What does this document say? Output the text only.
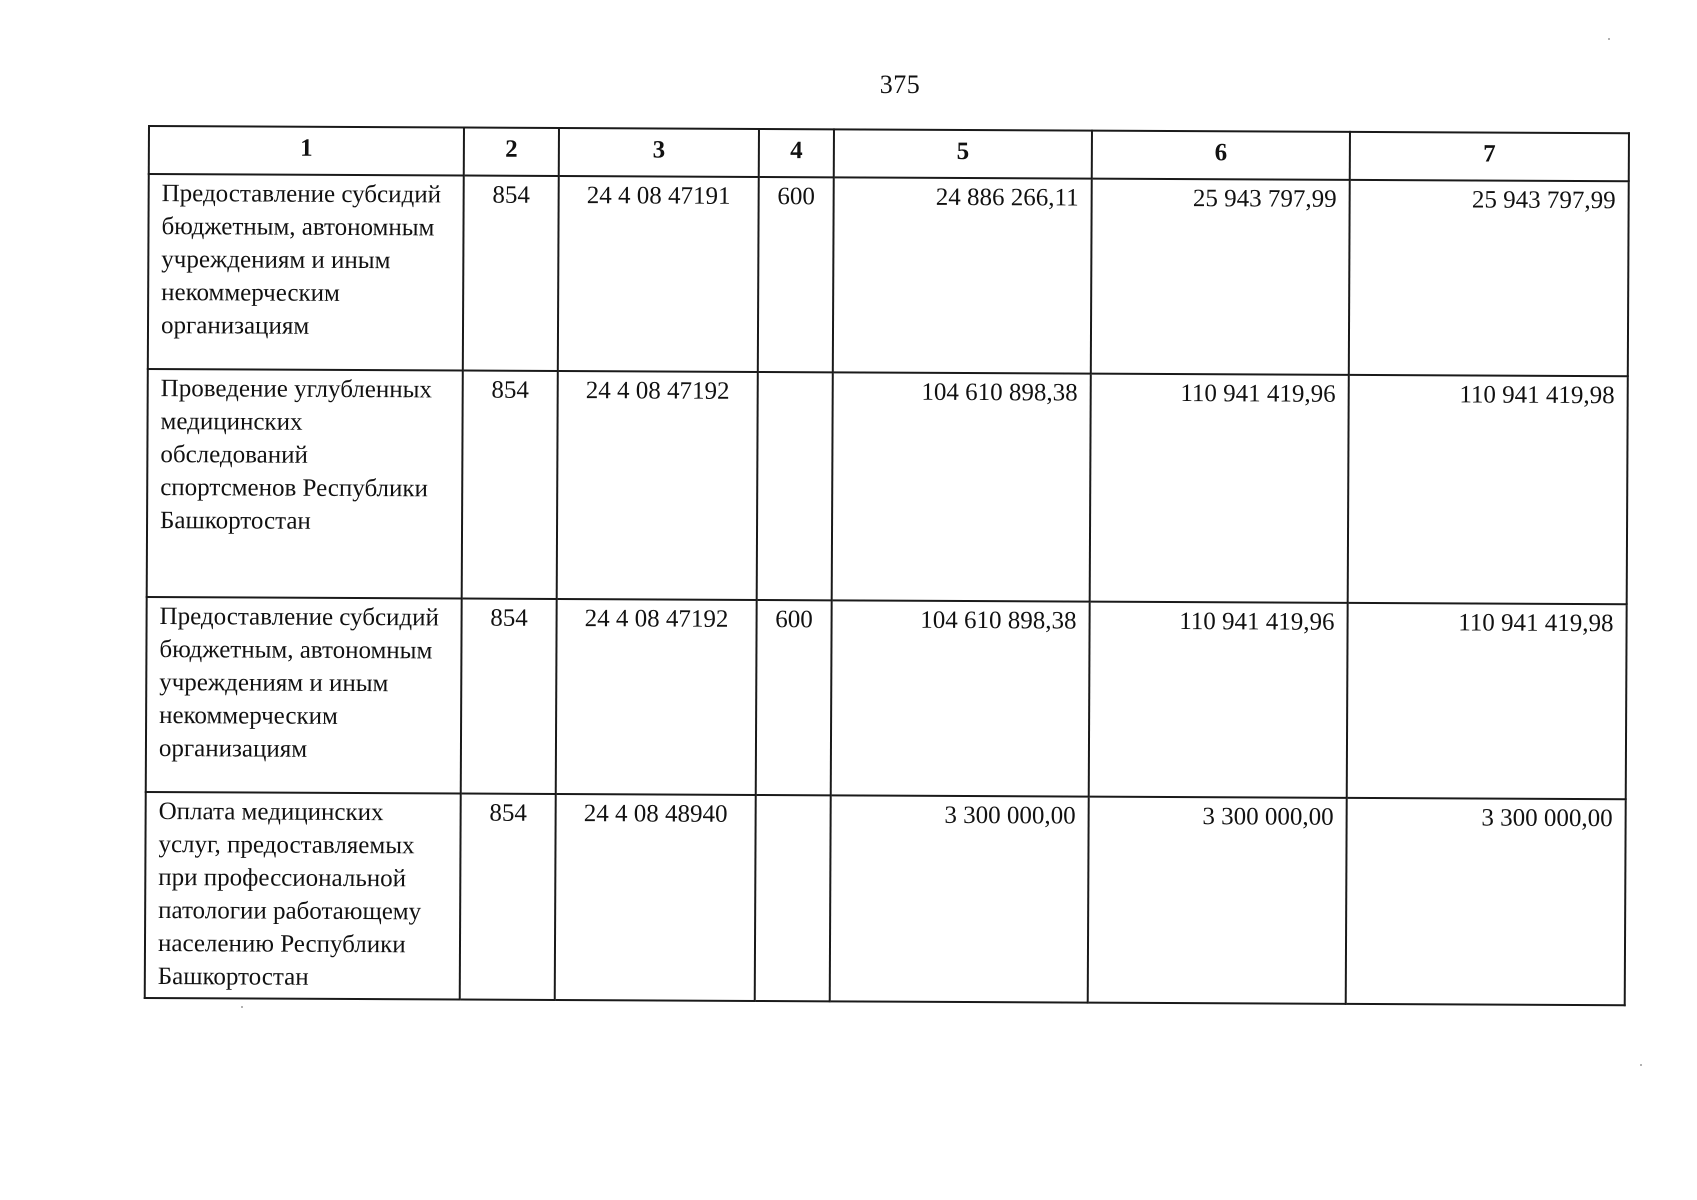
375
1	2	3	4	5	6	7
Предоставление субсидий бюджетным, автономным учреждениям и иным некоммерческим организациям	854	24 4 08 47191	600	24 886 266,11	25 943 797,99	25 943 797,99
Проведение углубленных медицинских обследований спортсменов Республики Башкортостан	854	24 4 08 47192		104 610 898,38	110 941 419,96	110 941 419,98
Предоставление субсидий бюджетным, автономным учреждениям и иным некоммерческим организациям	854	24 4 08 47192	600	104 610 898,38	110 941 419,96	110 941 419,98
Оплата медицинских услуг, предоставляемых при профессиональной патологии работающему населению Республики Башкортостан	854	24 4 08 48940		3 300 000,00	3 300 000,00	3 300 000,00
